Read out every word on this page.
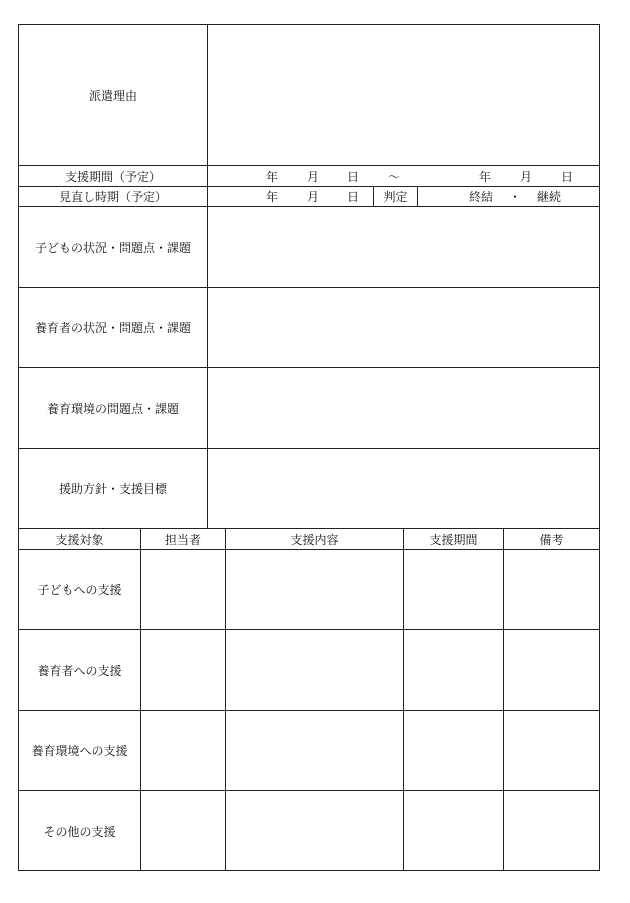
派遣理由
支援期間（予定）	年	月	日	～	年	月	日
見直し時期（予定）	年	月	日	判定	終結	・	継続
子どもの状況・問題点・課題
養育者の状況・問題点・課題
養育環境の問題点・課題
援助方針・支援目標
支援対象	担当者	支援内容	支援期間	備考
子どもへの支援
養育者への支援
養育環境への支援
その他の支援
